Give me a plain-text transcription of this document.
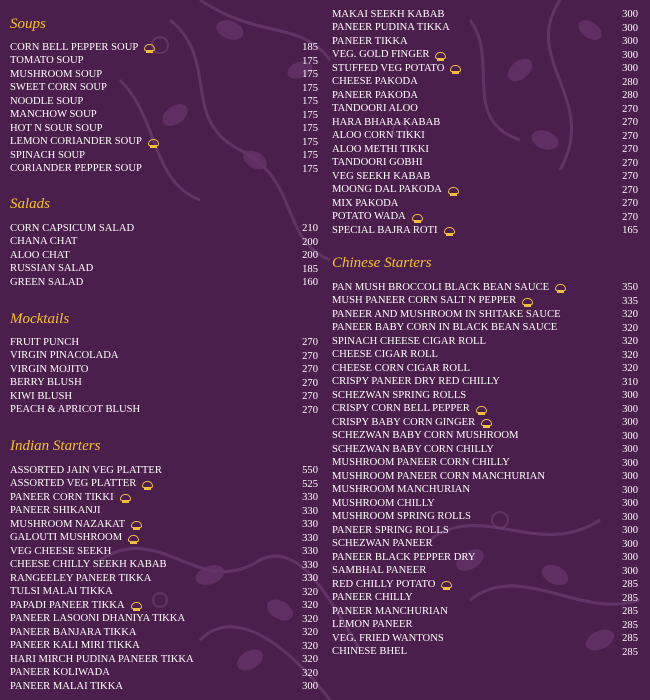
Soups
CORN BELL PEPPER SOUP	185
TOMATO SOUP	175
MUSHROOM SOUP	175
SWEET CORN SOUP	175
NOODLE SOUP	175
MANCHOW SOUP	175
HOT N SOUR SOUP	175
LEMON CORIANDER SOUP	175
SPINACH SOUP	175
CORIANDER PEPPER SOUP	175
Salads
CORN CAPSICUM SALAD	210
CHANA CHAT	200
ALOO CHAT	200
RUSSIAN SALAD	185
GREEN SALAD	160
Mocktails
FRUIT PUNCH	270
VIRGIN PINACOLADA	270
VIRGIN MOJITO	270
BERRY BLUSH	270
KIWI BLUSH	270
PEACH & APRICOT BLUSH	270
Indian Starters
ASSORTED JAIN VEG PLATTER	550
ASSORTED VEG PLATTER	525
PANEER CORN TIKKI	330
PANEER SHIKANJI	330
MUSHROOM NAZAKAT	330
GALOUTI MUSHROOM	330
VEG CHEESE SEEKH	330
CHEESE CHILLY SEEKH KABAB	330
RANGEELEY PANEER TIKKA	330
TULSI MALAI TIKKA	320
PAPADI PANEER TIKKA	320
PANEER LASOONI DHANIYA TIKKA	320
PANEER BANJARA TIKKA	320
PANEER KALI MIRI TIKKA	320
HARI MIRCH PUDINA PANEER TIKKA	320
PANEER KOLIWADA	320
PANEER MALAI TIKKA	300
MAKAI SEEKH KABAB	300
PANEER PUDINA TIKKA	300
PANEER TIKKA	300
VEG. GOLD FINGER	300
STUFFED VEG POTATO	300
CHEESE PAKODA	280
PANEER PAKODA	280
TANDOORI ALOO	270
HARA BHARA KABAB	270
ALOO CORN TIKKI	270
ALOO METHI TIKKI	270
TANDOORI GOBHI	270
VEG SEEKH KABAB	270
MOONG DAL PAKODA	270
MIX PAKODA	270
POTATO WADA	270
SPECIAL BAJRA ROTI	165
Chinese Starters
PAN MUSH BROCCOLI BLACK BEAN SAUCE	350
MUSH PANEER CORN SALT N PEPPER	335
PANEER AND MUSHROOM IN SHITAKE SAUCE	320
PANEER BABY CORN IN BLACK BEAN SAUCE	320
SPINACH CHEESE CIGAR ROLL	320
CHEESE CIGAR ROLL	320
CHEESE CORN CIGAR ROLL	320
CRISPY PANEER DRY RED CHILLY	310
SCHEZWAN SPRING ROLLS	300
CRISPY CORN BELL PEPPER	300
CRISPY BABY CORN GINGER	300
SCHEZWAN BABY CORN MUSHROOM	300
SCHEZWAN BABY CORN CHILLY	300
MUSHROOM PANEER CORN CHILLY	300
MUSHROOM PANEER CORN MANCHURIAN	300
MUSHROOM MANCHURIAN	300
MUSHROOM CHILLY	300
MUSHROOM SPRING ROLLS	300
PANEER SPRING ROLLS	300
SCHEZWAN PANEER	300
PANEER BLACK PEPPER DRY	300
SAMBHAL PANEER	300
RED CHILLY POTATO	285
PANEER CHILLY	285
PANEER MANCHURIAN	285
LEMON PANEER	285
VEG. FRIED WANTONS	285
CHINESE BHEL	285
